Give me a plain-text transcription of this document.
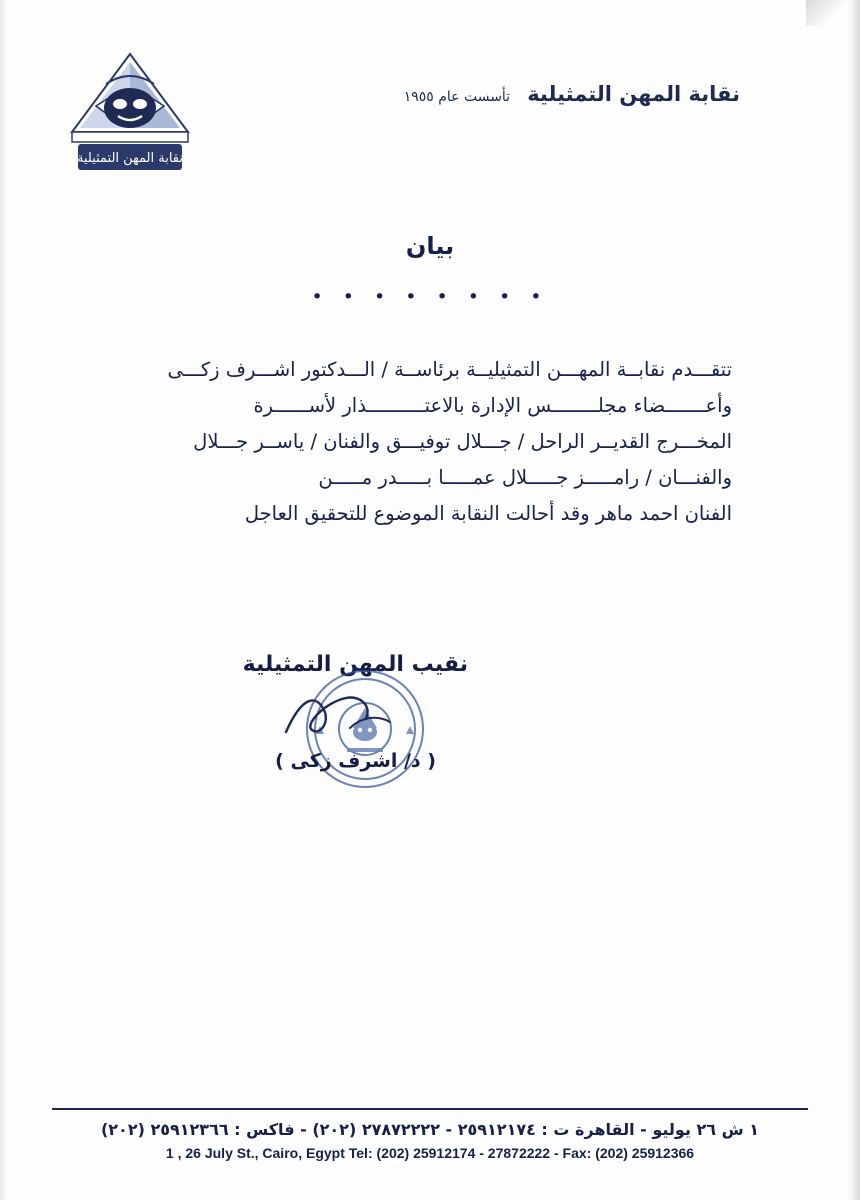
نقابة المهن التمثيلية
نقابة المهن التمثيلية تأسست عام ١٩٥٥
بيان
• • • • • • • •
تتقـــدم نقابــة المهـــن التمثيليــة برئاســة / الـــدكتور اشـــرف زكـــى
وأعـــــــضاء مجلــــــــس الإدارة بالاعتــــــــــذار لأســــــرة
المخـــرج القديــر الراحل / جـــلال توفيـــق والفنان / ياســر جـــلال
والفنـــان / رامـــــز جـــــلال عمـــــا بـــــدر مـــــن
الفنان احمد ماهر وقد أحالت النقابة الموضوع للتحقيق العاجل
نقيب المهن التمثيلية
( د/ اشرف زكى )
١ ش ٢٦ يوليو - القاهرة ت : ٢٥٩١٢١٧٤ - ٢٧٨٧٢٢٢٢ (٢٠٢) - فاكس : ٢٥٩١٢٣٦٦ (٢٠٢)
1 , 26 July St., Cairo, Egypt Tel: (202) 25912174 - 27872222 - Fax: (202) 25912366
